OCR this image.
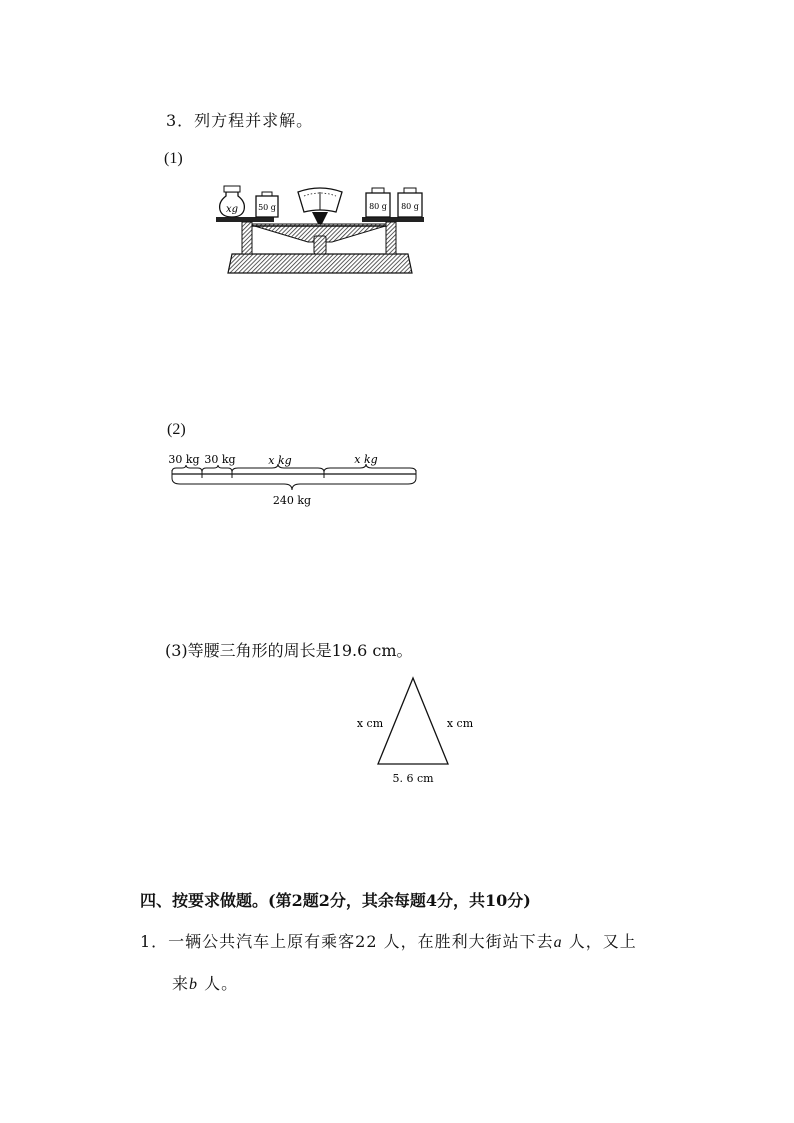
3．列方程并求解。
(1)
xg	50 g	80 g 80 g
(2)
30 kg 30 kg	x kg	x kg
240 kg
(3)等腰三角形的周长是19.6 cm。
x cm	x cm
5. 6 cm
四、按要求做题。(第2题2分，其余每题4分，共10分)
1．一辆公共汽车上原有乘客22 人，在胜利大街站下去a 人，又上
来b 人。
